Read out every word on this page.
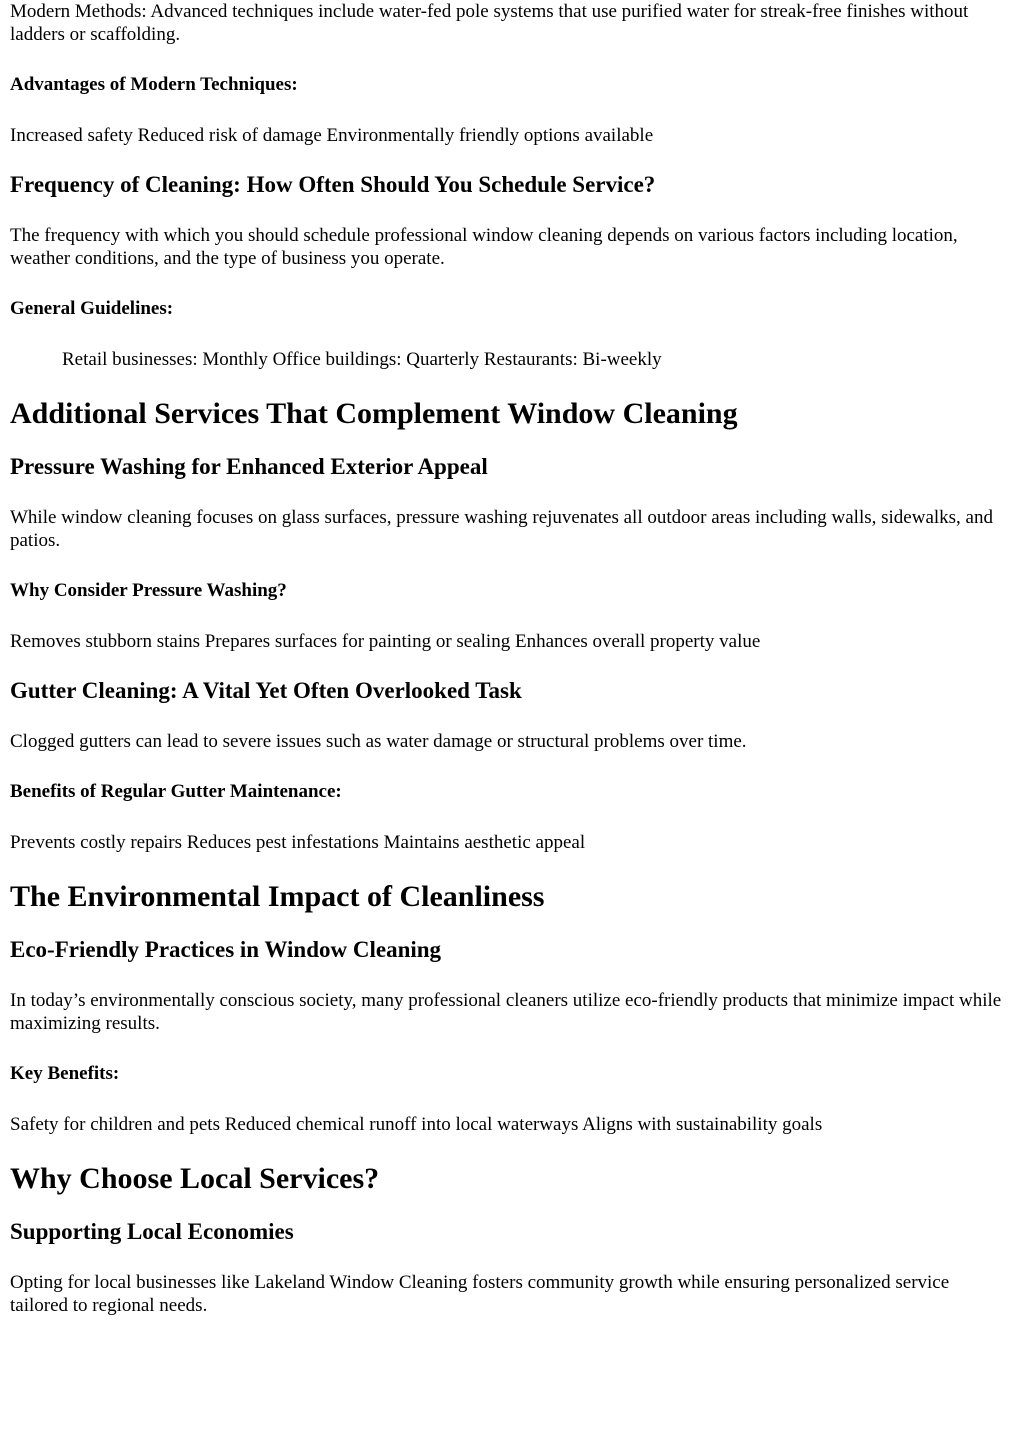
Modern Methods: Advanced techniques include water-fed pole systems that use purified water for streak-free finishes without ladders or scaffolding.

Advantages of Modern Techniques:

Increased safety Reduced risk of damage Environmentally friendly options available

Frequency of Cleaning: How Often Should You Schedule Service?

The frequency with which you should schedule professional window cleaning depends on various factors including location, weather conditions, and the type of business you operate.

General Guidelines:

Retail businesses: Monthly Office buildings: Quarterly Restaurants: Bi-weekly

Additional Services That Complement Window Cleaning
Pressure Washing for Enhanced Exterior Appeal

While window cleaning focuses on glass surfaces, pressure washing rejuvenates all outdoor areas including walls, sidewalks, and patios.

Why Consider Pressure Washing?

Removes stubborn stains Prepares surfaces for painting or sealing Enhances overall property value

Gutter Cleaning: A Vital Yet Often Overlooked Task

Clogged gutters can lead to severe issues such as water damage or structural problems over time.

Benefits of Regular Gutter Maintenance:

Prevents costly repairs Reduces pest infestations Maintains aesthetic appeal

The Environmental Impact of Cleanliness
Eco-Friendly Practices in Window Cleaning

In today’s environmentally conscious society, many professional cleaners utilize eco-friendly products that minimize impact while maximizing results.

Key Benefits:

Safety for children and pets Reduced chemical runoff into local waterways Aligns with sustainability goals

Why Choose Local Services?
Supporting Local Economies

Opting for local businesses like Lakeland Window Cleaning fosters community growth while ensuring personalized service tailored to regional needs.
